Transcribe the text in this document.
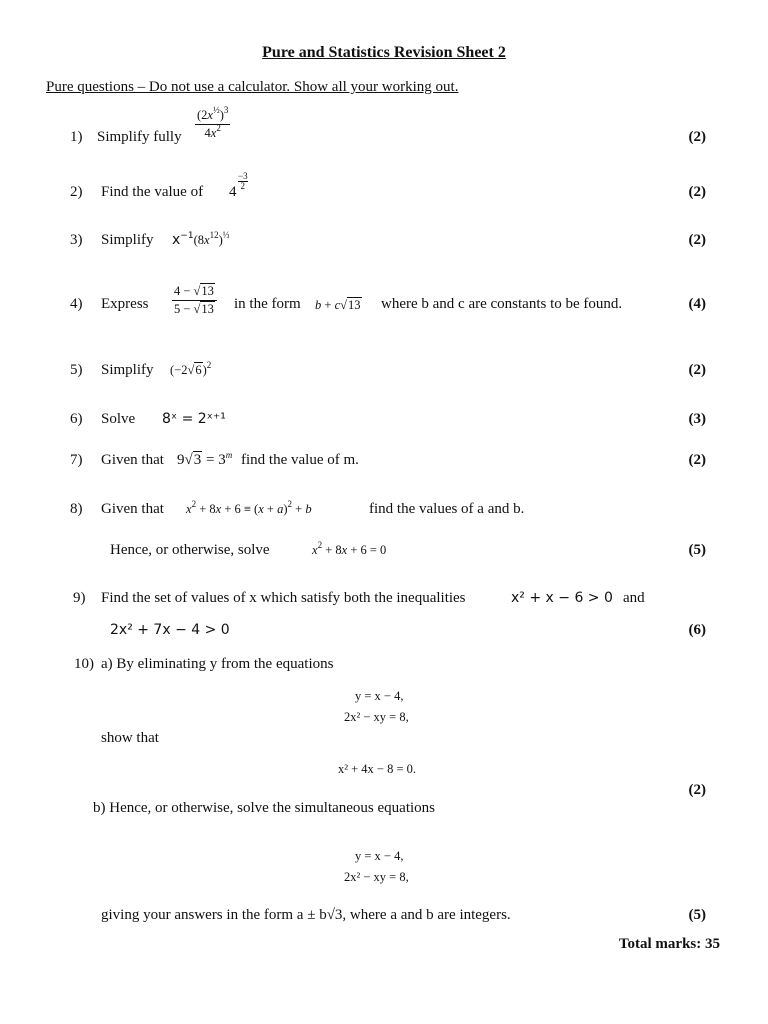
Pure and Statistics Revision Sheet 2
Pure questions – Do not use a calculator. Show all your working out.
1) Simplify fully $\frac{(2x^{\frac{1}{2}})^3}{4x^2}$	(2)
2) Find the value of 4
−3
2	(2)
3) Simplify $x^{-1}(8x^{12})^{\frac{1}{3}}$	(2)
4) Express $\frac{4 - √13}{5 - √13}$ in the form b + c√13 where b and c are constants to be found.	(4)
5) Simplify $(-2√6)^2$	(2)
6) Solve 8ˣ = 2ˣ⁺¹	(3)
7) Given that $9√3 = 3^m$ find the value of m.	(2)
8) Given that $x^2 + 8x + 6 \equiv (x + a)^2 + b$	find the values of a and b.
Hence, or otherwise, solve	$x^2 + 8x + 6 = 0$	(5)
9) Find the set of values of x which satisfy both the inequalities	x² + x − 6 > 0 and
2x² + 7x − 4 > 0	(6)
10) a) By eliminating y from the equations
y = x − 4,
2x² − xy = 8,
show that
x² + 4x − 8 = 0.
(2)
b) Hence, or otherwise, solve the simultaneous equations
y = x − 4,
2x² − xy = 8,
giving your answers in the form a ± b√3, where a and b are integers.	(5)
Total marks: 35
